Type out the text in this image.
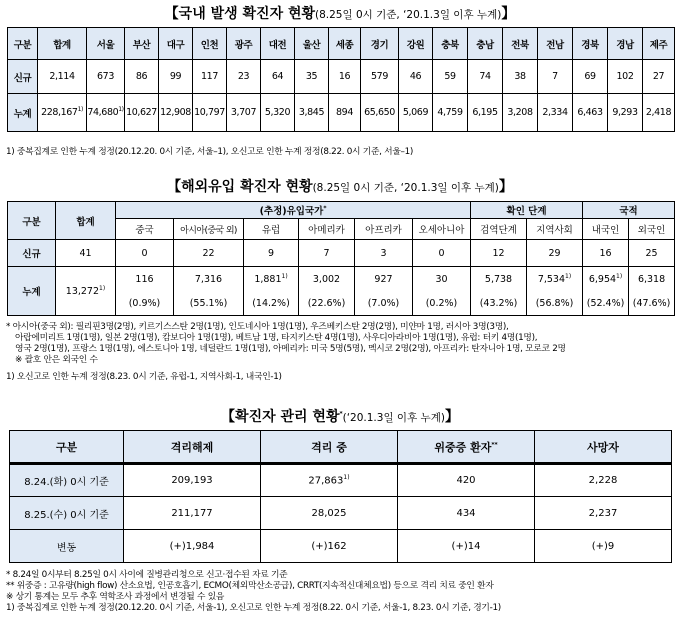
【국내 발생 확진자 현황(8.25일 0시 기준, ‘20.1.3일 이후 누계)】
구분	합계	서울	부산	대구	인천	광주	대전	울산	세종	경기	강원	충북	충남	전북	전남	경북	경남	제주
신규	2,114	673	86	99	117	23	64	35	16	579	46	59	74	38	7	69	102	27
누계	228,167$^{1)}$	74,680$^{1)}$	10,627	12,908	10,797	3,707	5,320	3,845	894	65,650	5,069	4,759	6,195	3,208	2,334	6,463	9,293	2,418
1) 중복집계로 인한 누계 정정(20.12.20. 0시 기준, 서울–1), 오신고로 인한 누계 정정(8.22. 0시 기준, 서울–1)
【해외유입 확진자 현황(8.25일 0시 기준, ‘20.1.3일 이후 누계)】
구분	합계	(추정)유입국가*						확인 단계		국적	
		중국	아시아(중국 외)	유럽	아메리카	아프리카	오세아니아	검역단계	지역사회	내국인	외국인
신규	41	0	22	9	7	3	0	12	29	16	25
누계	13,272$^{1)}$	116	7,316	1,881$^{1)}$	3,002	927	30	5,738	7,534$^{1)}$	6,954$^{1)}$	6,318
		(0.9%)	(55.1%)	(14.2%)	(22.6%)	(7.0%)	(0.2%)	(43.2%)	(56.8%)	(52.4%)	(47.6%)
* 아시아(중국 외): 필리핀3명(2명), 키르기스스탄 2명(1명), 인도네시아 1명(1명), 우즈베키스탄 2명(2명), 미얀마 1명, 러시아 3명(3명),
아랍에미리트 1명(1명), 일본 2명(1명), 캄보디아 1명(1명), 베트남 1명, 타지키스탄 4명(1명), 사우디아라비아 1명(1명), 유럽: 터키 4명(1명),
영국 2명(1명), 프랑스 1명(1명), 에스토니아 1명, 네덜란드 1명(1명), 아메리카: 미국 5명(5명), 멕시코 2명(2명), 아프리카: 탄자니아 1명, 모로코 2명
※ 괄호 안은 외국인 수
1) 오신고로 인한 누계 정정(8.23. 0시 기준, 유럽-1, 지역사회-1, 내국인-1)
【확진자 관리 현황*(‘20.1.3일 이후 누계)】
구분	격리해제	격리 중	위중증 환자**	사망자
8.24.(화) 0시 기준	209,193	27,863$^{1)}$	420	2,228
8.25.(수) 0시 기준	211,177	28,025	434	2,237
변동	(+)1,984	(+)162	(+)14	(+)9
* 8.24일 0시부터 8.25일 0시 사이에 질병관리청으로 신고·접수된 자료 기준
** 위중증 : 고유량(high flow) 산소요법, 인공호흡기, ECMO(체외막산소공급), CRRT(지속적신대체요법) 등으로 격리 치료 중인 환자
※ 상기 통계는 모두 추후 역학조사 과정에서 변경될 수 있음
1) 중복집계로 인한 누계 정정(20.12.20. 0시 기준, 서울-1), 오신고로 인한 누계 정정(8.22. 0시 기준, 서울-1, 8.23. 0시 기준, 경기-1)
